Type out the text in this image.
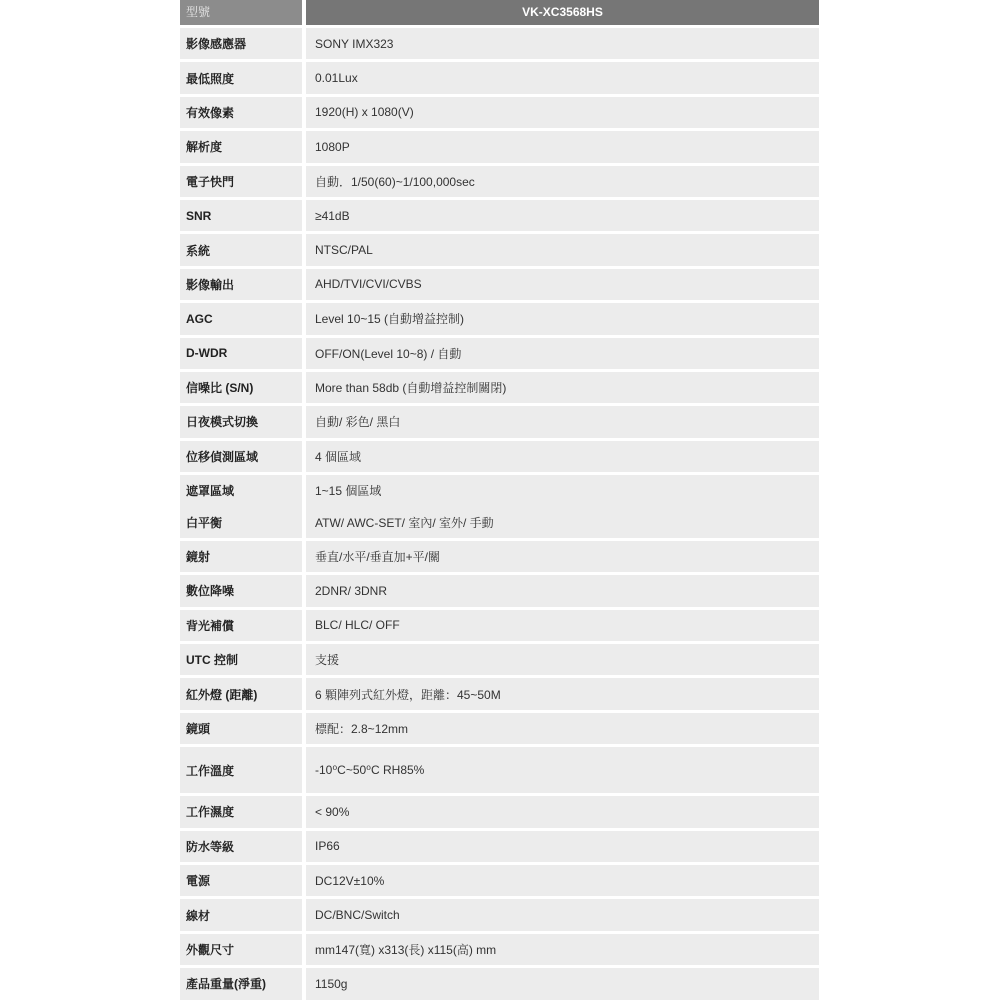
型號	VK-XC3568HS
影像感應器	SONY IMX323
最低照度	0.01Lux
有效像素	1920(H) x 1080(V)
解析度	1080P
電子快門	自動．1/50(60)~1/100,000sec
SNR	≥41dB
系統	NTSC/PAL
影像輸出	AHD/TVI/CVI/CVBS
AGC	Level 10~15 (自動增益控制)
D-WDR	OFF/ON(Level 10~8) / 自動
信噪比 (S/N)	More than 58db (自動增益控制關閉)
日夜模式切換	自動/ 彩色/ 黑白
位移偵測區域	4 個區域
遮罩區域	1~15 個區域
白平衡	ATW/ AWC-SET/ 室內/ 室外/ 手動
鏡射	垂直/水平/垂直加+平/關
數位降噪	2DNR/ 3DNR
背光補償	BLC/ HLC/ OFF
UTC 控制	支援
紅外燈 (距離)	6 顆陣列式紅外燈，距離：45~50M
鏡頭	標配：2.8~12mm
工作溫度	-10⁰C~50⁰C RH85%
工作濕度	< 90%
防水等級	IP66
電源	DC12V±10%
線材	DC/BNC/Switch
外觀尺寸	mm147(寬) x313(長) x115(高) mm
產品重量(淨重)	1150g
